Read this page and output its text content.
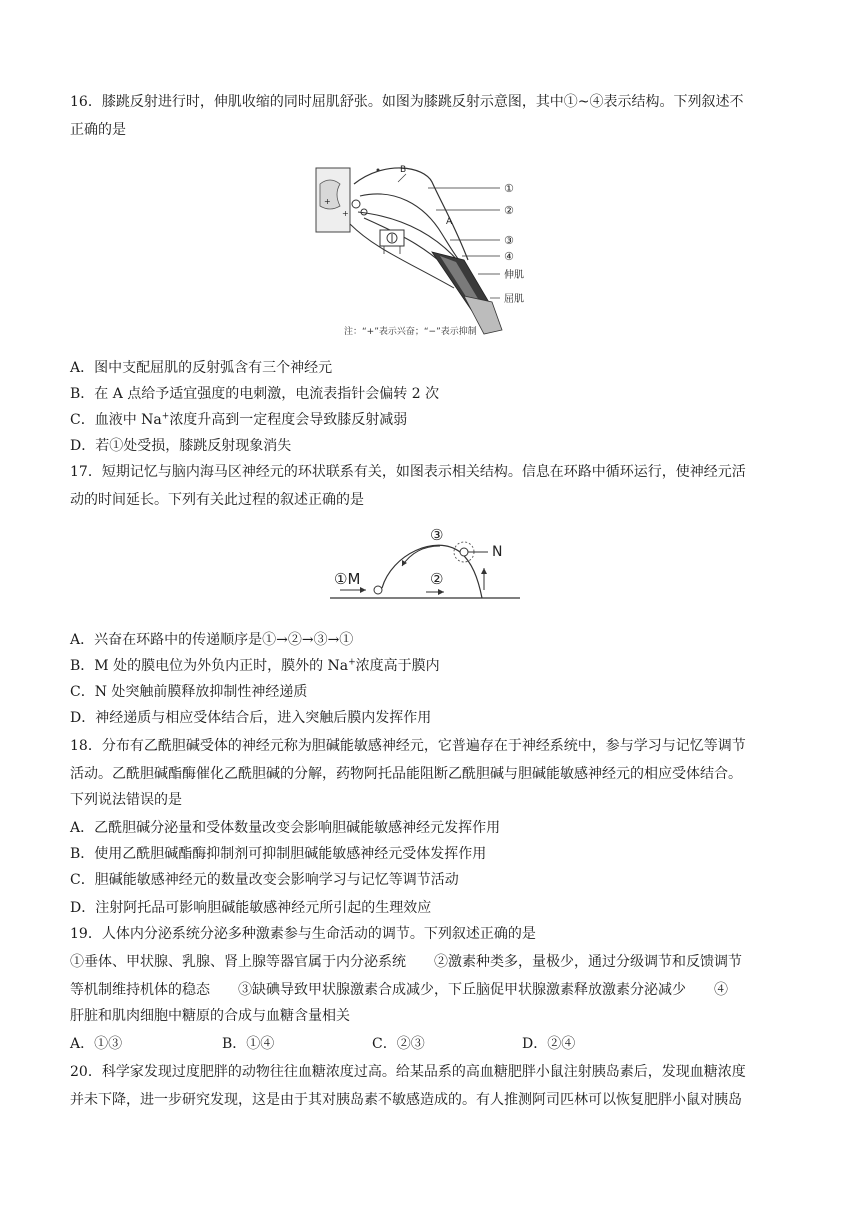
16．膝跳反射进行时，伸肌收缩的同时屈肌舒张。如图为膝跳反射示意图，其中①~④表示结构。下列叙述不
正确的是
+
+
B
A
①
②
③
④
伸肌
屈肌
注：“+”表示兴奋；“−”表示抑制
A．图中支配屈肌的反射弧含有三个神经元
B．在 A 点给予适宜强度的电刺激，电流表指针会偏转 2 次
C．血液中 Na+浓度升高到一定程度会导致膝反射减弱
D．若①处受损，膝跳反射现象消失
17．短期记忆与脑内海马区神经元的环状联系有关，如图表示相关结构。信息在环路中循环运行，使神经元活
动的时间延长。下列有关此过程的叙述正确的是
①M	②
③
N
A．兴奋在环路中的传递顺序是①→②→③→①
B．M 处的膜电位为外负内正时，膜外的 Na+浓度高于膜内
C．N 处突触前膜释放抑制性神经递质
D．神经递质与相应受体结合后，进入突触后膜内发挥作用
18．分布有乙酰胆碱受体的神经元称为胆碱能敏感神经元，它普遍存在于神经系统中，参与学习与记忆等调节
活动。乙酰胆碱酯酶催化乙酰胆碱的分解，药物阿托品能阻断乙酰胆碱与胆碱能敏感神经元的相应受体结合。
下列说法错误的是
A．乙酰胆碱分泌量和受体数量改变会影响胆碱能敏感神经元发挥作用
B．使用乙酰胆碱酯酶抑制剂可抑制胆碱能敏感神经元受体发挥作用
C．胆碱能敏感神经元的数量改变会影响学习与记忆等调节活动
D．注射阿托品可影响胆碱能敏感神经元所引起的生理效应
19．人体内分泌系统分泌多种激素参与生命活动的调节。下列叙述正确的是
①垂体、甲状腺、乳腺、肾上腺等器官属于内分泌系统　　②激素种类多，量极少，通过分级调节和反馈调节
等机制维持机体的稳态　　③缺碘导致甲状腺激素合成减少，下丘脑促甲状腺激素释放激素分泌减少　　④
肝脏和肌肉细胞中糖原的合成与血糖含量相关
A．①③	B．①④	C．②③	D．②④
20．科学家发现过度肥胖的动物往往血糖浓度过高。给某品系的高血糖肥胖小鼠注射胰岛素后，发现血糖浓度
并未下降，进一步研究发现，这是由于其对胰岛素不敏感造成的。有人推测阿司匹林可以恢复肥胖小鼠对胰岛
